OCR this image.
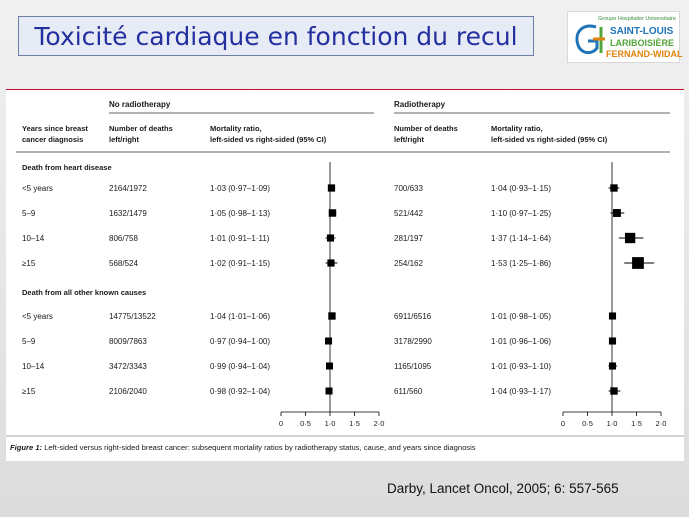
Toxicité cardiaque en fonction du recul
Groupe Hospitalier Universitaire
SAINT-LOUIS
LARIBOISIÈRE
FERNAND-WIDAL
No radiotherapy	Radiotherapy
Years since breast
cancer diagnosis
Number of deaths
left/right
Number of deaths
left/right
Mortality ratio,
left-sided vs right-sided (95% CI)
Mortality ratio,
left-sided vs right-sided (95% CI)
Death from heart disease
<5 years	2164/1972	1·03 (0·97–1·09)	700/633	1·04 (0·93–1·15)
5–9	1632/1479	1·05 (0·98–1·13)	521/442	1·10 (0·97–1·25)
10–14	806/758	1·01 (0·91–1·11)	281/197	1·37 (1·14–1·64)
≥15	568/524	1·02 (0·91–1·15)	254/162	1·53 (1·25–1·86)
Death from all other known causes
<5 years	14775/13522	1·04 (1·01–1·06)	6911/6516	1·01 (0·98–1·05)
5–9	8009/7863	0·97 (0·94–1·00)	3178/2990	1·01 (0·96–1·06)
10–14	3472/3343	0·99 (0·94–1·04)	1165/1095	1·01 (0·93–1·10)
≥15	2106/2040	0·98 (0·92–1·04)	611/560	1·04 (0·93–1·17)
0 0·5 1·0 1·5 2·0	0 0·5 1·0 1·5 2·0
Figure 1: Left-sided versus right-sided breast cancer: subsequent mortality ratios by radiotherapy status, cause, and years since diagnosis
Darby, Lancet Oncol, 2005; 6: 557-565
